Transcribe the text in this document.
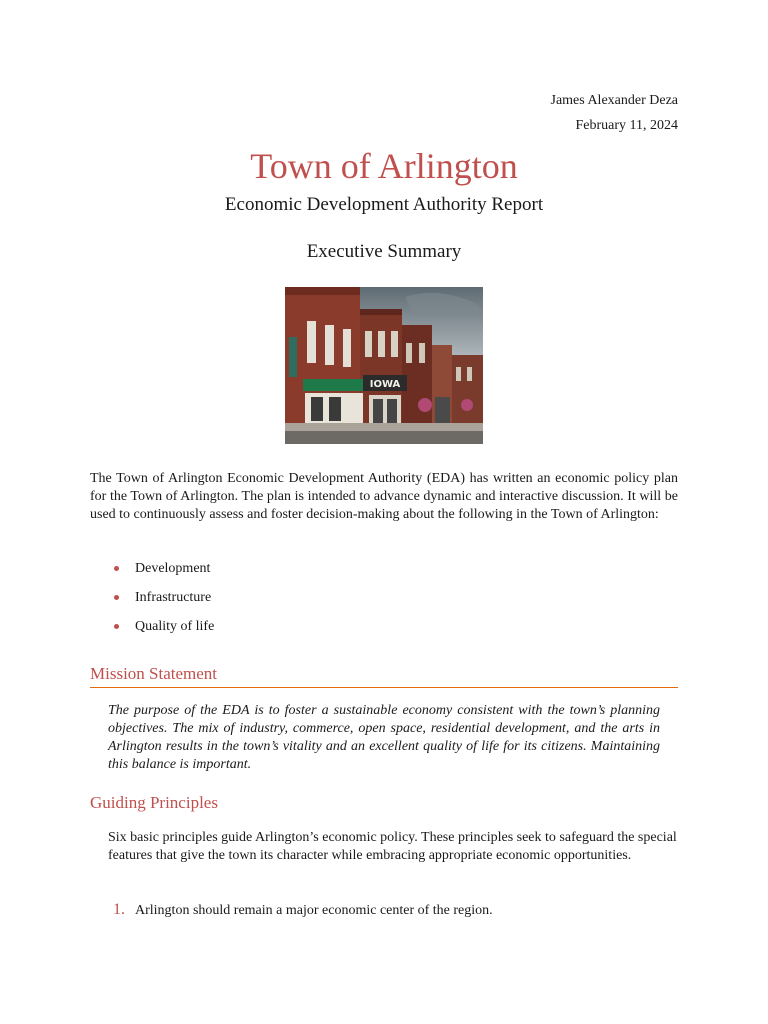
James Alexander Deza
February 11, 2024
Town of Arlington
Economic Development Authority Report
Executive Summary
IOWA

The Town of Arlington Economic Development Authority (EDA) has written an economic policy plan for the Town of Arlington. The plan is intended to advance dynamic and interactive discussion. It will be used to continuously assess and foster decision-making about the following in the Town of Arlington:

Development
Infrastructure
Quality of life
Mission Statement

The purpose of the EDA is to foster a sustainable economy consistent with the town’s planning objectives. The mix of industry, commerce, open space, residential development, and the arts in Arlington results in the town’s vitality and an excellent quality of life for its citizens. Maintaining this balance is important.

Guiding Principles

Six basic principles guide Arlington’s economic policy. These principles seek to safeguard the special features that give the town its character while embracing appropriate economic opportunities.

1. Arlington should remain a major economic center of the region.
